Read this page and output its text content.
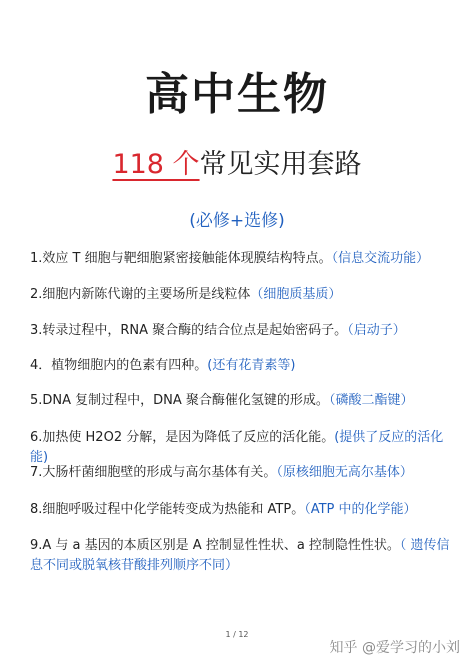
高中生物
118 个常见实用套路
(必修+选修)
1.效应 T 细胞与靶细胞紧密接触能体现膜结构特点。（信息交流功能）
2.细胞内新陈代谢的主要场所是线粒体（细胞质基质）
3.转录过程中，RNA 聚合酶的结合位点是起始密码子。（启动子）
4．植物细胞内的色素有四种。(还有花青素等)
5.DNA 复制过程中，DNA 聚合酶催化氢键的形成。（磷酸二酯键）
6.加热使 H2O2 分解，是因为降低了反应的活化能。(提供了反应的活化能)
7.大肠杆菌细胞壁的形成与高尔基体有关。（原核细胞无高尔基体）
8.细胞呼吸过程中化学能转变成为热能和 ATP。（ATP 中的化学能）
9.A 与 a 基因的本质区别是 A 控制显性性状、a 控制隐性性状。（ 遗传信息不同或脱氧核苷酸排列顺序不同）
1 / 12
知乎 @爱学习的小刘
